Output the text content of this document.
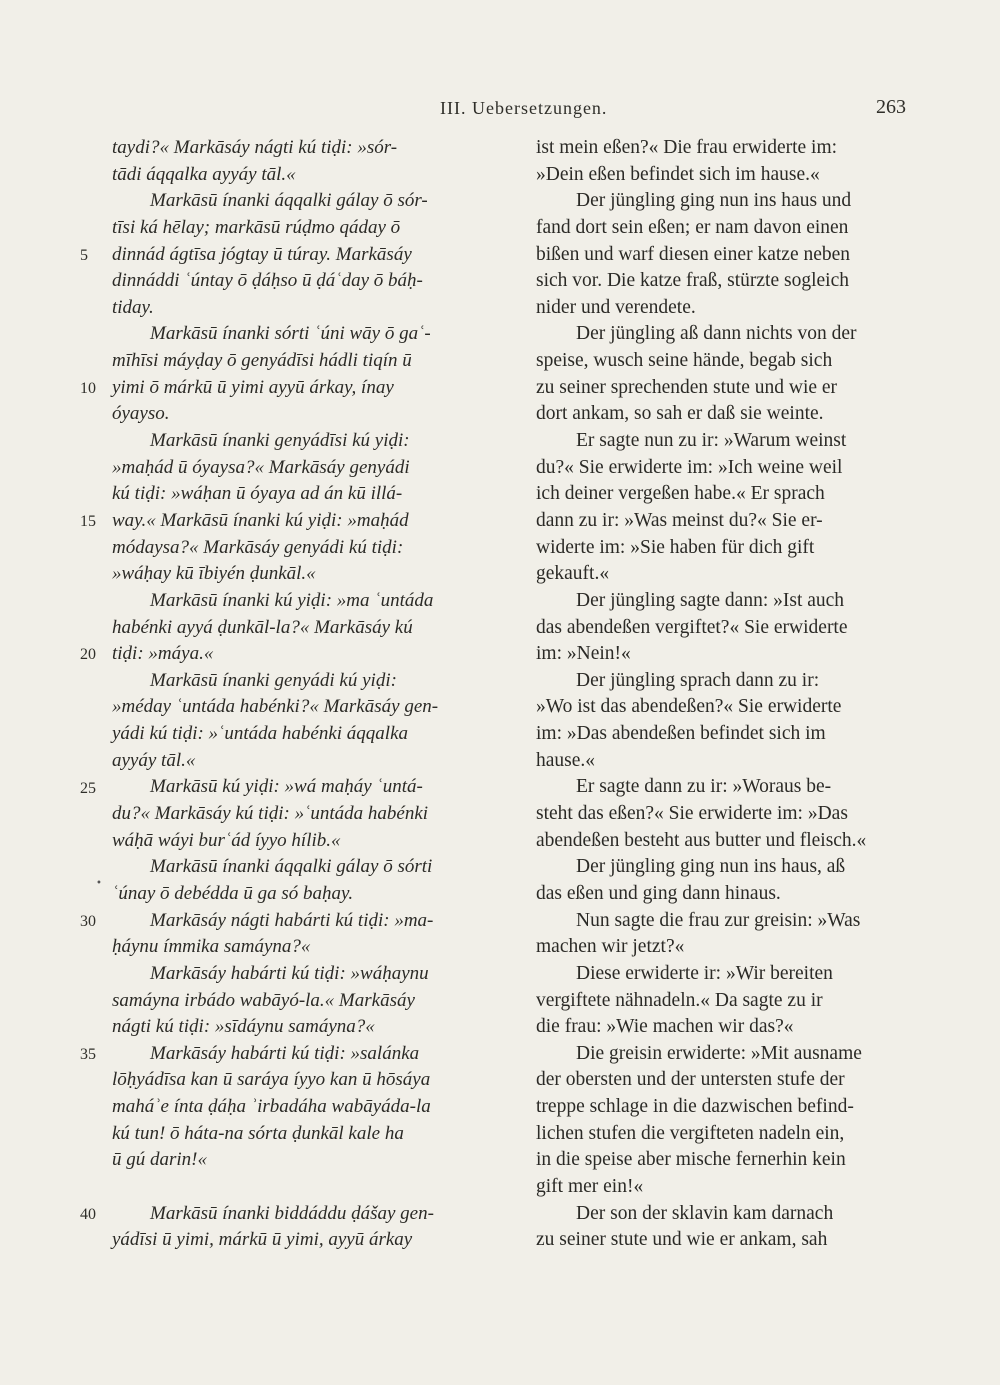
III. Uebersetzungen.	263
taydi?« Markāsáy nágti kú tiḍi: »sór-
tādi áqqalka ayyáy tāl.«
Markāsū ínanki áqqalki gálay ō sór-
tīsi ká hēlay; markāsū rúḍmo qáday ō
dinnád ágtīsa jógtay ū túray. Markāsáy
dinnáddi ʿúntay ō ḍáḥso ū ḍáʿday ō báḥ-
tiday.
Markāsū ínanki sórti ʿúni wāy ō gaʿ-
mīhīsi máyḍay ō genyádīsi hádli tiqín ū
yimi ō márkū ū yimi ayyū árkay, ínay
óyayso.
Markāsū ínanki genyádīsi kú yiḍi:
»maḥád ū óyaysa?« Markāsáy genyádi
kú tiḍi: »wáḥan ū óyaya ad án kū illá-
way.« Markāsū ínanki kú yiḍi: »maḥád
módaysa?« Markāsáy genyádi kú tiḍi:
»wáḥay kū ībiyén ḍunkāl.«
Markāsū ínanki kú yiḍi: »ma ʿuntáda
habénki ayyá ḍunkāl-la?« Markāsáy kú
tiḍi: »máya.«
Markāsū ínanki genyádi kú yiḍi:
»méday ʿuntáda habénki?« Markāsáy gen-
yádi kú tiḍi: »ʿuntáda habénki áqqalka
ayyáy tāl.«
Markāsū kú yiḍi: »wá maḥáy ʿuntá-
du?« Markāsáy kú tiḍi: »ʿuntáda habénki
wáḥā wáyi burʿád íyyo hílib.«
Markāsū ínanki áqqalki gálay ō sórti
ʿúnay ō debédda ū ga só baḥay.
Markāsáy nágti habárti kú tiḍi: »ma-
ḥáynu ímmika samáyna?«
Markāsáy habárti kú tiḍi: »wáḥaynu
samáyna irbádo wabāyó-la.« Markāsáy
nágti kú tiḍi: »sīdáynu samáyna?«
Markāsáy habárti kú tiḍi: »salánka
lōḥyádīsa kan ū saráya íyyo kan ū hōsáya
maháʾe ínta ḍáḥa ʾirbadáha wabāyáda-la
kú tun! ō háta-na sórta ḍunkāl kale ha
ū gú darin!«
Markāsū ínanki biddáddu ḍášay gen-
yádīsi ū yimi, márkū ū yimi, ayyū árkay
ist mein eßen?« Die frau erwiderte im:
»Dein eßen befindet sich im hause.«
Der jüngling ging nun ins haus und
fand dort sein eßen; er nam davon einen
bißen und warf diesen einer katze neben
sich vor. Die katze fraß, stürzte sogleich
nider und verendete.
Der jüngling aß dann nichts von der
speise, wusch seine hände, begab sich
zu seiner sprechenden stute und wie er
dort ankam, so sah er daß sie weinte.
Er sagte nun zu ir: »Warum weinst
du?« Sie erwiderte im: »Ich weine weil
ich deiner vergeßen habe.« Er sprach
dann zu ir: »Was meinst du?« Sie er-
widerte im: »Sie haben für dich gift
gekauft.«
Der jüngling sagte dann: »Ist auch
das abendeßen vergiftet?« Sie erwiderte
im: »Nein!«
Der jüngling sprach dann zu ir:
»Wo ist das abendeßen?« Sie erwiderte
im: »Das abendeßen befindet sich im
hause.«
Er sagte dann zu ir: »Woraus be-
steht das eßen?« Sie erwiderte im: »Das
abendeßen besteht aus butter und fleisch.«
Der jüngling ging nun ins haus, aß
das eßen und ging dann hinaus.
Nun sagte die frau zur greisin: »Was
machen wir jetzt?«
Diese erwiderte ir: »Wir bereiten
vergiftete nähnadeln.« Da sagte zu ir
die frau: »Wie machen wir das?«
Die greisin erwiderte: »Mit ausname
der obersten und der untersten stufe der
treppe schlage in die dazwischen befind-
lichen stufen die vergifteten nadeln ein,
in die speise aber mische fernerhin kein
gift mer ein!«
Der son der sklavin kam darnach
zu seiner stute und wie er ankam, sah
5
10
15
20
25
30
35
40
•
